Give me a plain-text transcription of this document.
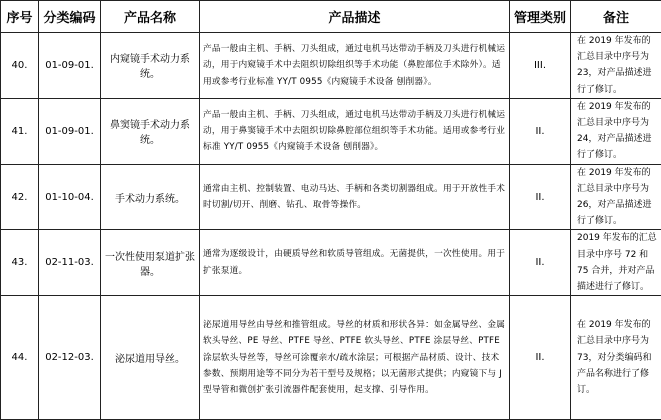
序号	分类编码	产品名称	产品描述	管理类别	备注
40.	01-09-01.	内窥镜手术动力系统。	产品一般由主机、手柄、刀头组成，通过电机马达带动手柄及刀头进行机械运动，用于内窥镜手术中去阻织切除组织等手术功能（鼻腔部位手术除外）。适用或参考行业标准 YY/T 0955《内窥镜手术设备 刨削器》。	III.	在 2019 年发布的汇总目录中序号为 23，对产品描述进行了修订。
41.	01-09-01.	鼻窦镜手术动力系统。	产品一般由主机、手柄、刀头组成，通过电机马达带动手柄及刀头进行机械运动，用于鼻窦镜手术中去阻织切除鼻腔部位组织等手术功能。适用或参考行业标准 YY/T 0955《内窥镜手术设备 刨削器》。	II.	在 2019 年发布的汇总目录中序号为 24，对产品描述进行了修订。
42.	01-10-04.	手术动力系统。	通常由主机、控制装置、电动马达、手柄和各类切割器组成。用于开放性手术时切割/切开、削磨、钻孔、取骨等操作。	II.	在 2019 年发布的汇总目录中序号为 26，对产品描述进行了修订。
43.	02-11-03.	一次性使用泵道扩张器。	通常为逐级设计，由硬质导丝和软质导管组成。无菌提供，一次性使用。用于扩张泵道。	II.	2019 年发布的汇总目录中序号 72 和 75 合并，并对产品描述进行了修订。
44.	02-12-03.	泌尿道用导丝。	泌尿道用导丝由导丝和推管组成。导丝的材质和形状各异：如金属导丝、金属软头导丝、PE 导丝、PTFE 导丝、PTFE 软头导丝、PTFE 涂层导丝、PTFE 涂层软头导丝等，导丝可涂覆亲水/疏水涂层；可根据产品材质、设计、技术参数、预期用途等不同分为若干型号及规格；以无菌形式提供；内窥镜下与 J 型导管和微创扩张引流器件配套使用，起支撑、引导作用。	II.	在 2019 年发布的汇总目录中序号为 73，对分类编码和产品名称进行了修订。
